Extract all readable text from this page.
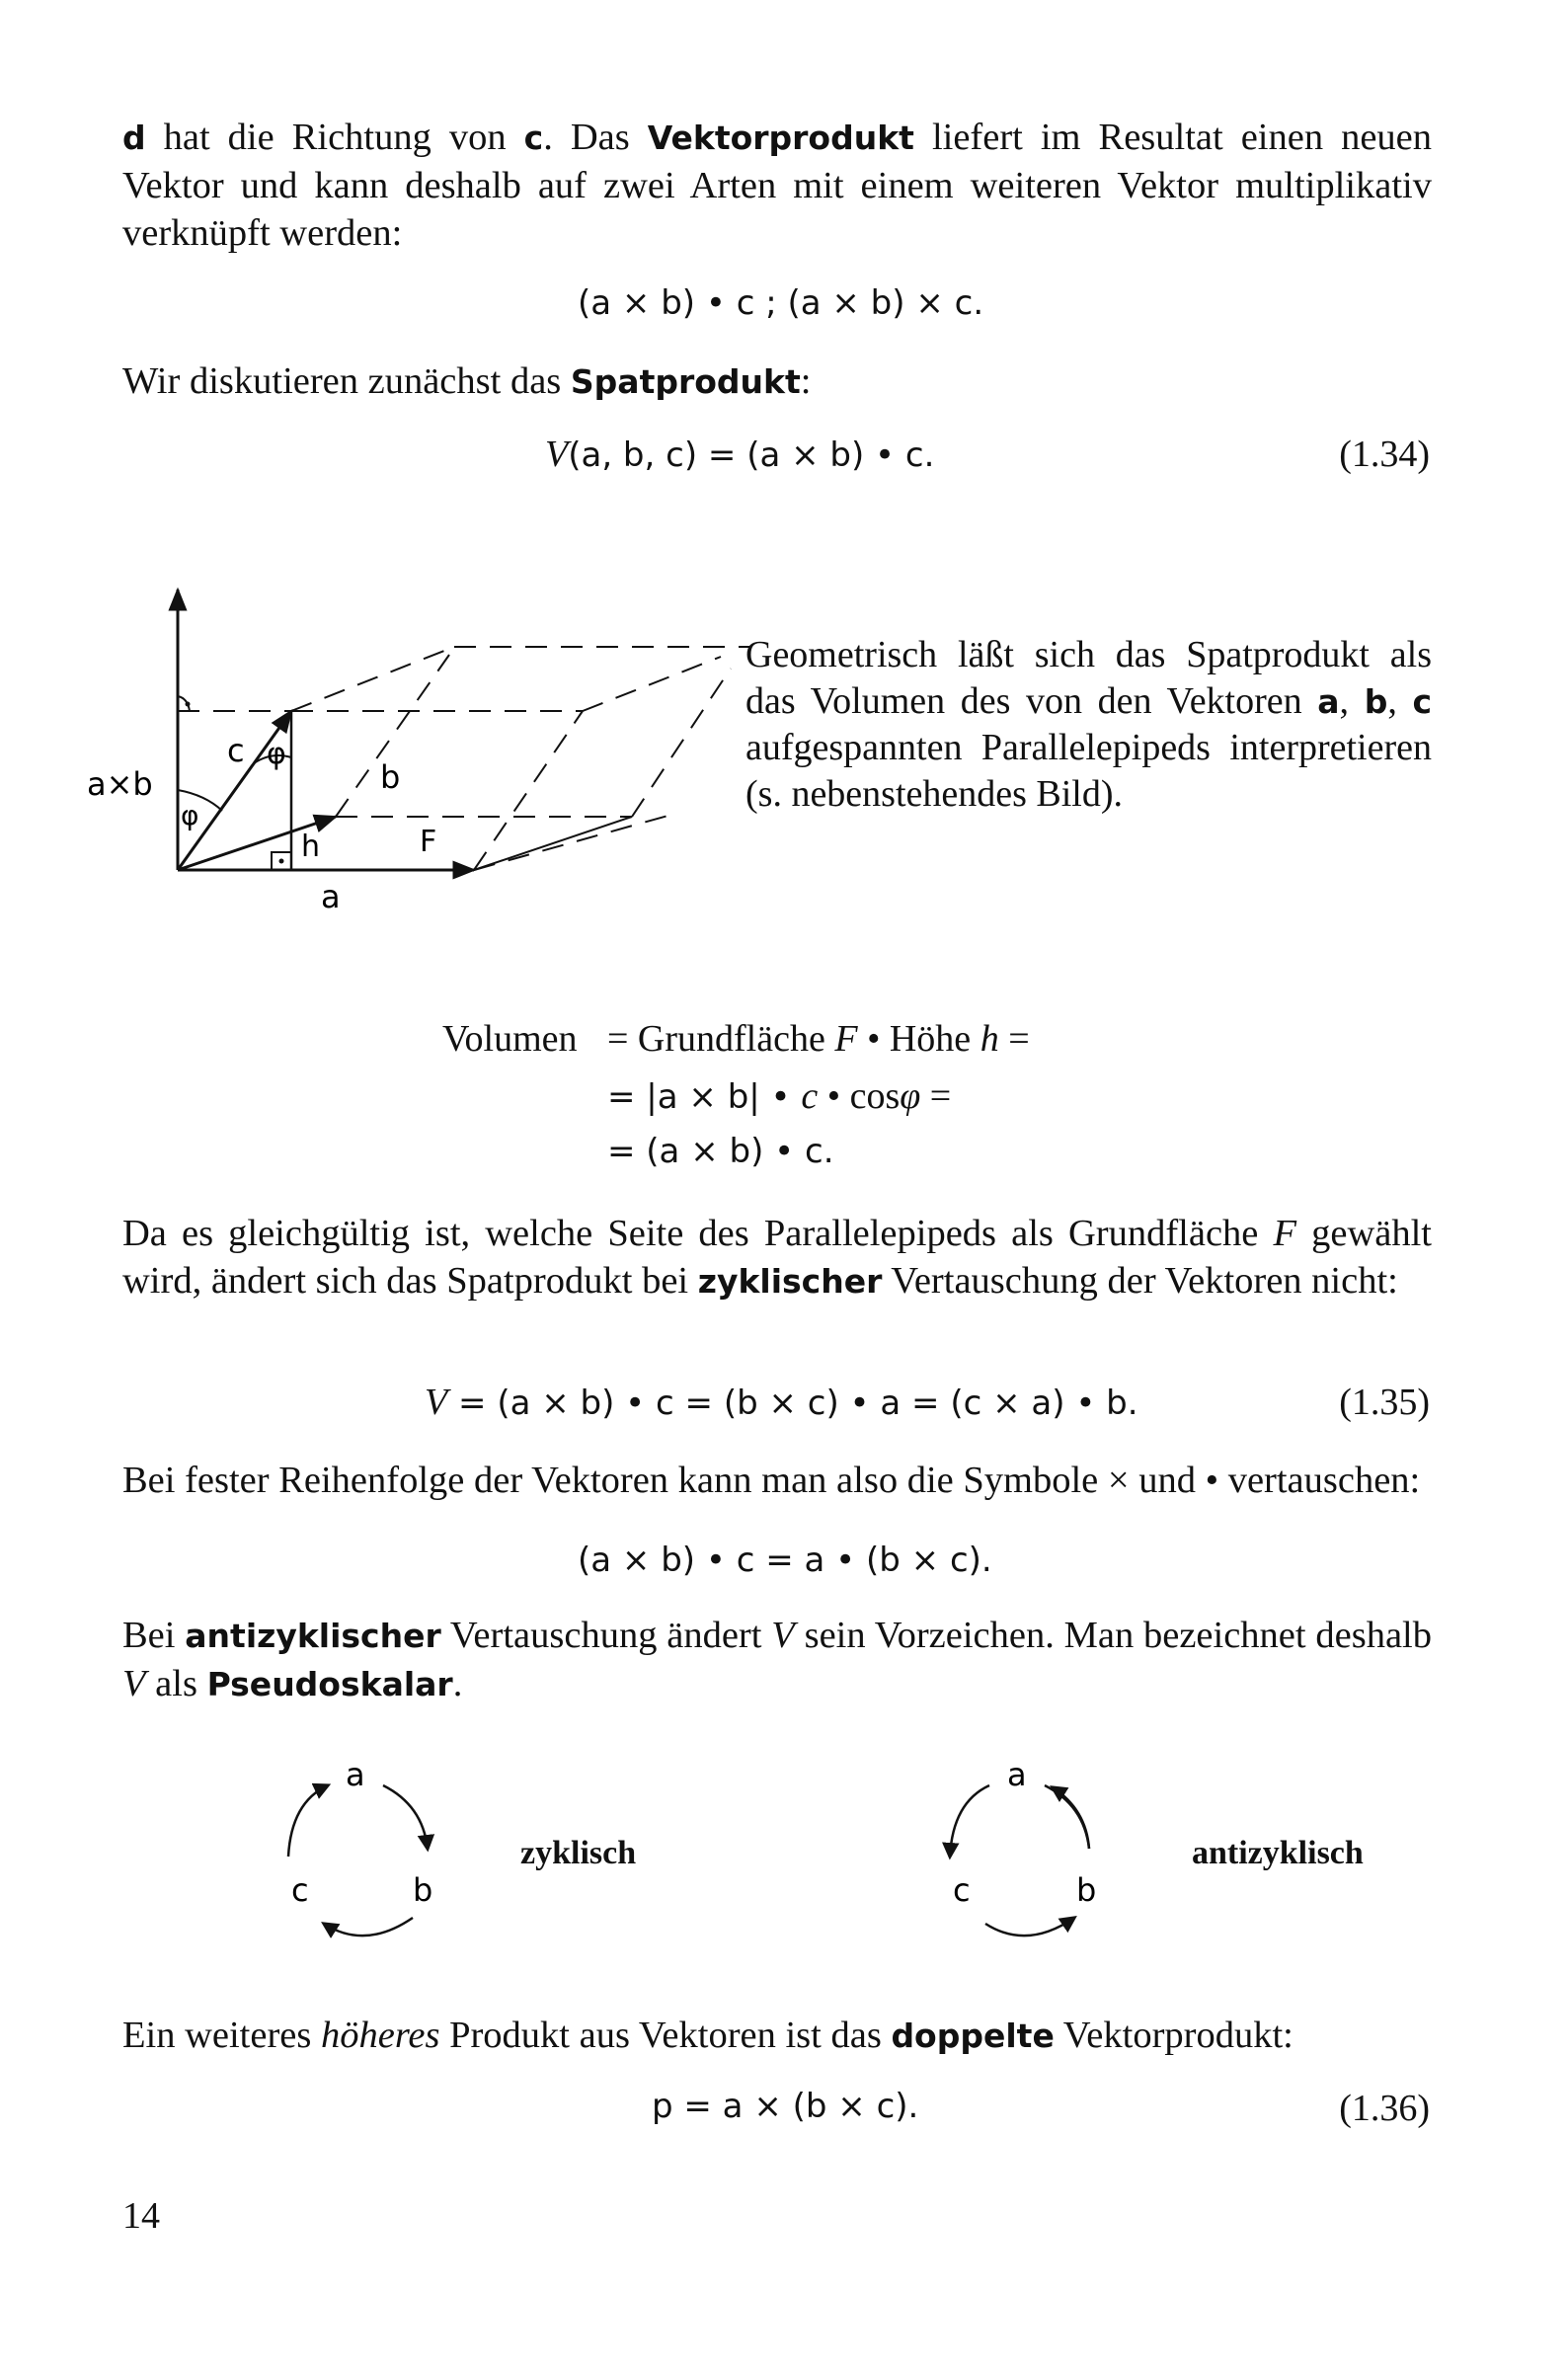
d hat die Richtung von c. Das Vektorprodukt liefert im Resultat einen neuen Vektor und kann deshalb auf zwei Arten mit einem weiteren Vektor multiplikativ verknüpft werden:
(a × b) • c ; (a × b) × c.
Wir diskutieren zunächst das Spatprodukt:
V(a, b, c) = (a × b) • c.	(1.34)
a×b
c φ
φ
b
h	F
a
Geometrisch läßt sich das Spatprodukt als das Volumen des von den Vektoren a, b, c aufgespannten Parallelepipeds interpretieren (s. nebenstehendes Bild).
Volumen = Grundfläche F • Höhe h =
= |a × b| • c • cosφ =
= (a × b) • c.
Da es gleichgültig ist, welche Seite des Parallelepipeds als Grundfläche F gewählt wird, ändert sich das Spatprodukt bei zyklischer Vertauschung der Vektoren nicht:
V = (a × b) • c = (b × c) • a = (c × a) • b.	(1.35)
Bei fester Reihenfolge der Vektoren kann man also die Symbole × und • vertauschen:
(a × b) • c = a • (b × c).
Bei antizyklischer Vertauschung ändert V sein Vorzeichen. Man bezeichnet deshalb V als Pseudoskalar.
a
b
c
zyklisch
a
b
c
antizyklisch
Ein weiteres höheres Produkt aus Vektoren ist das doppelte Vektorprodukt:
p = a × (b × c).	(1.36)
14
